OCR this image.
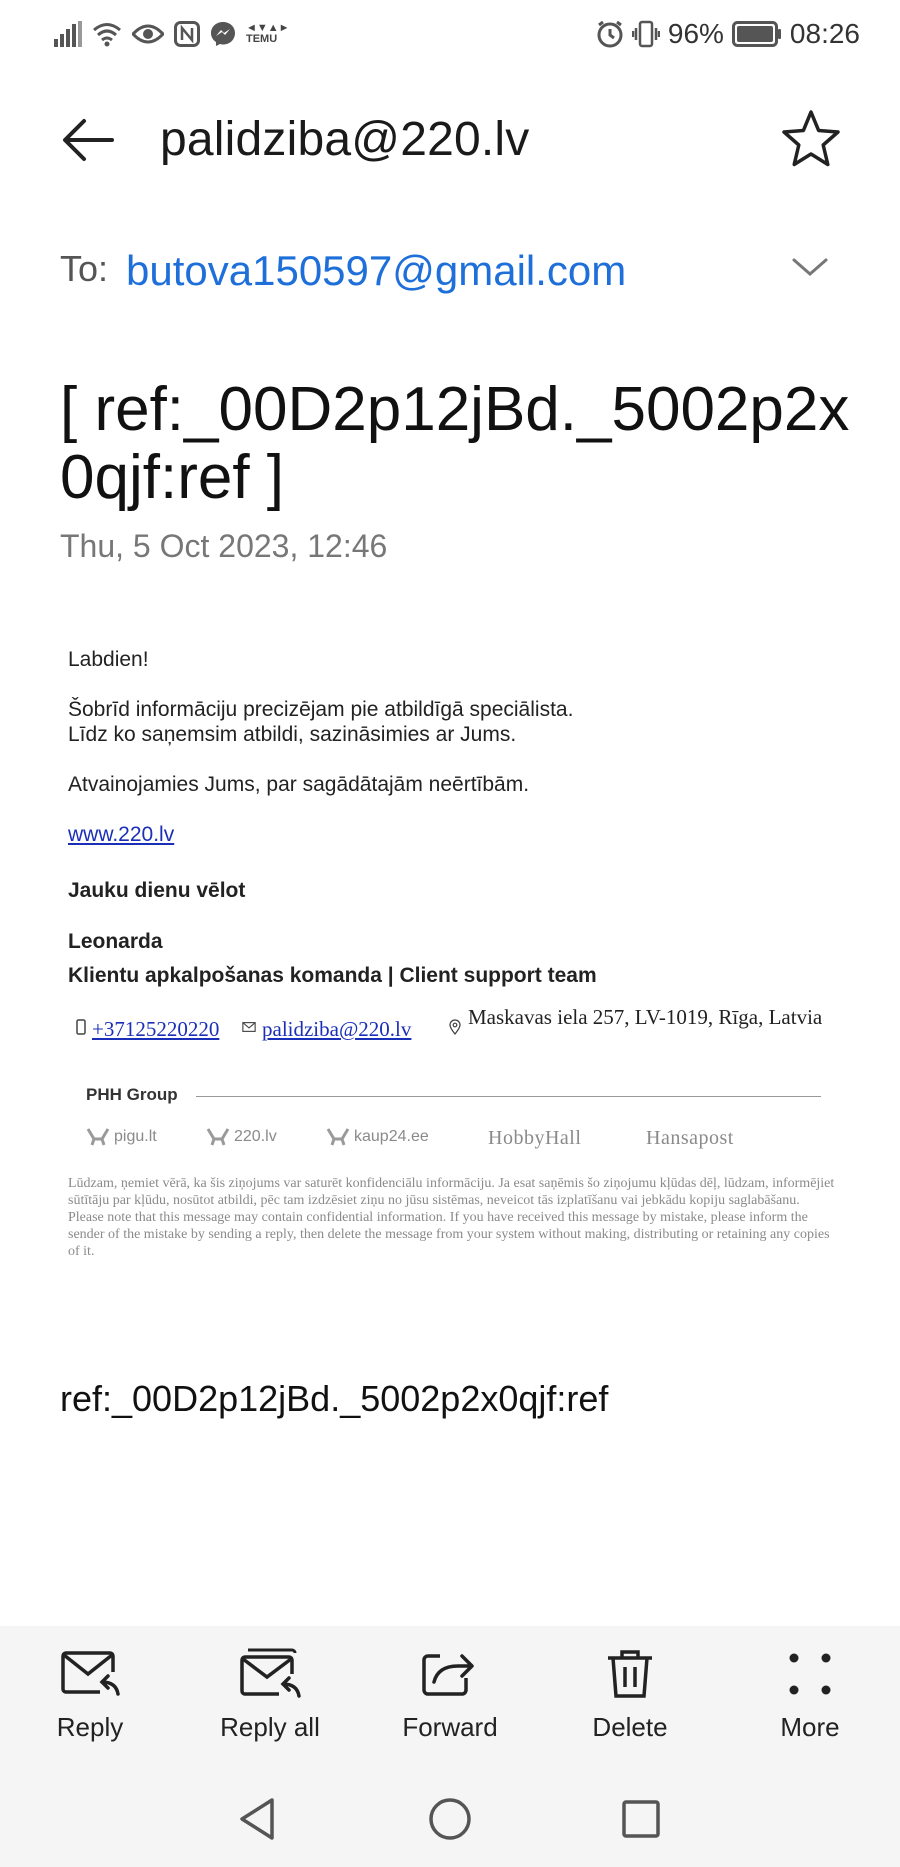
◄▼▲►
TEMU	96% 08:26
palidziba@220.lv
To: butova150597@gmail.com
[ ref:_00D2p12jBd._5002p2x0qjf:ref ]
Thu, 5 Oct 2023, 12:46
Labdien!
Šobrīd informāciju precizējam pie atbildīgā speciālista.
Līdz ko saņemsim atbildi, sazināsimies ar Jums.
Atvainojamies Jums, par sagādātajām neērtībām.
www.220.lv
Jauku dienu vēlot
Leonarda
Klientu apkalpošanas komanda | Client support team
+37125220220 palidziba@220.lv	Maskavas iela 257, LV-1019, Rīga, Latvia
PHH Group
pigu.lt	220.lv	kaup24.ee	HobbyHall	Hansapost
Lūdzam, ņemiet vērā, ka šis ziņojums var saturēt konfidenciālu informāciju. Ja esat saņēmis šo ziņojumu kļūdas dēļ, lūdzam, informējiet sūtītāju par kļūdu, nosūtot atbildi, pēc tam izdzēsiet ziņu no jūsu sistēmas, neveicot tās izplatīšanu vai jebkādu kopiju saglabāšanu.
Please note that this message may contain confidential information. If you have received this message by mistake, please inform the sender of the mistake by sending a reply, then delete the message from your system without making, distributing or retaining any copies of it.
ref:_00D2p12jBd._5002p2x0qjf:ref
Reply	Reply all	Forward	Delete	More
